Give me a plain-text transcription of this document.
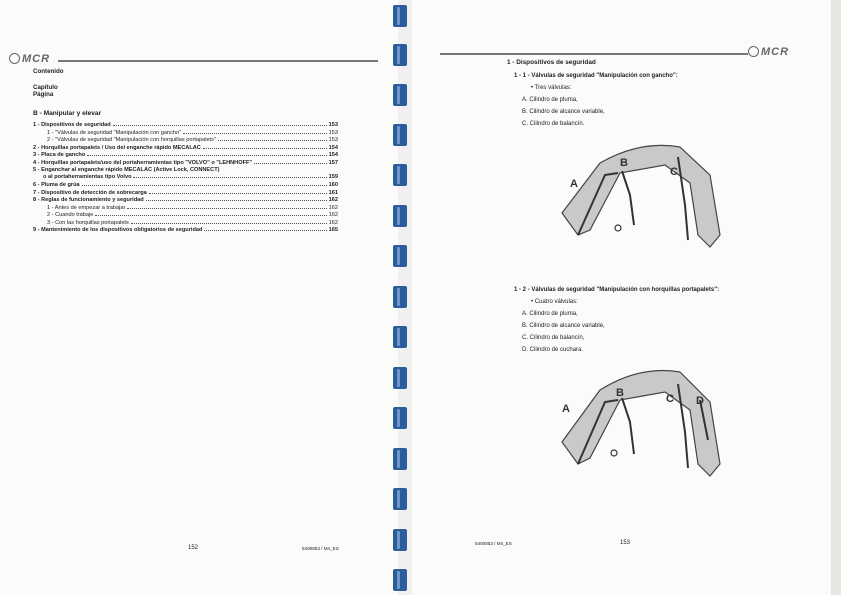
MCR
Contenido
Capítulo
Página
B - Manipular y elevar
1 - Dispositivos de seguridad	153
1 - "Válvulas de seguridad "Manipulación con gancho"	153
2 - "Válvulas de seguridad "Manipulación con horquillas portapalets"	153
2 - Horquillas portapalets / Uso del enganche rápido MECALAC	154
3 - Placa de gancho	154
4 - Horquillas portapalets/uso del portaherramientas tipo "VOLVO" o "LEHNHOFF"	157
5 - Enganchar al enganche rápido MECALAC (Active Lock, CONNECT)
o al portaherramientas tipo Volvo	159
6 - Pluma de grúa	160
7 - Dispositivo de detección de sobrecarga	161
8 - Reglas de funcionamiento y seguridad	162
1 - Antes de empezar a trabajar	162
2 - Cuando trabaje	162
3 - Con las horquillas portapalets	162
9 - Mantenimiento de los dispositivos obligatorios de seguridad	165
152	5400853 / M4_ES
MCR
1 - Dispositivos de seguridad
1 - 1 - Válvulas de seguridad "Manipulación con gancho":
• Tres válvulas:
A. Cilindro de pluma,
B. Cilindro de alcance variable,
C. Cilindro de balancín.
A
B
C
1 - 2 - Válvulas de seguridad "Manipulación con horquillas portapalets":
• Cuatro válvulas:
A. Cilindro de pluma,
B. Cilindro de alcance variable,
C. Cilindro de balancín,
D. Cilindro de cuchara.
A
B	C D
5400853 / M4_ES	153
